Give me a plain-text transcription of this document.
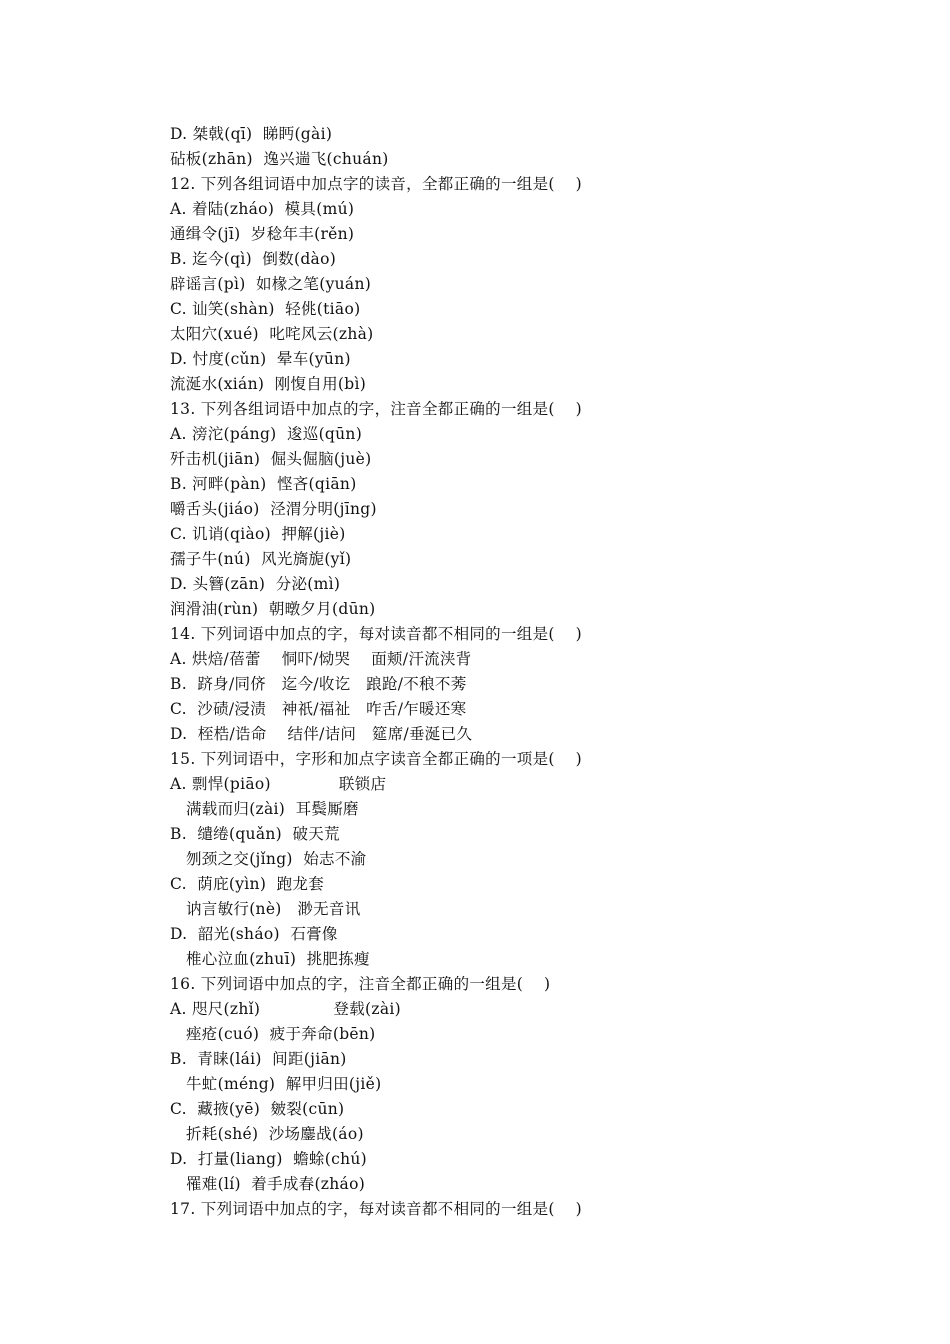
D. 桀戟(qī)  睇眄(gài)
砧板(zhān)  逸兴遄飞(chuán)
12. 下列各组词语中加点字的读音，全都正确的一组是(    )
A. 着陆(zháo)  模具(mú)
通缉令(jī)  岁稔年丰(rěn)
B. 迄今(qì)  倒数(dào)
辟谣言(pì)  如椽之笔(yuán)
C. 讪笑(shàn)  轻佻(tiāo)
太阳穴(xué)  叱咤风云(zhà)
D. 忖度(cǔn)  晕车(yūn)
流涎水(xián)  刚愎自用(bì)
13. 下列各组词语中加点的字，注音全都正确的一组是(    )
A. 滂沱(páng)  逡巡(qūn)
歼击机(jiān)  倔头倔脑(juè)
B. 河畔(pàn)  悭吝(qiān)
嚼舌头(jiáo)  泾渭分明(jīng)
C. 讥诮(qiào)  押解(jiè)
孺子牛(nú)  风光旖旎(yǐ)
D. 头簪(zān)  分泌(mì)
润滑油(rùn)  朝暾夕月(dūn)
14. 下列词语中加点的字，每对读音都不相同的一组是(    )
A. 烘焙/蓓蕾    恫吓/恸哭    面颊/汗流浃背
B.  跻身/同侪   迄今/收讫   踉跄/不稂不莠
C.  沙碛/浸渍   神祇/福祉   咋舌/乍暖还寒
D.  桎梏/诰命    结伴/诘问   筵席/垂涎已久
15. 下列词语中，字形和加点字读音全都正确的一项是(    )
A. 剽悍(piāo)             联锁店
满载而归(zài)  耳鬓厮磨
B.  缱绻(quǎn)  破天荒
刎颈之交(jǐng)  始志不渝
C.  荫庇(yìn)  跑龙套
讷言敏行(nè)   渺无音讯
D.  韶光(sháo)  石膏像
椎心泣血(zhuī)  挑肥拣瘦
16. 下列词语中加点的字，注音全都正确的一组是(    )
A. 咫尺(zhǐ)              登载(zài)
痤疮(cuó)  疲于奔命(bēn)
B.  青睐(lái)  间距(jiān)
牛虻(méng)  解甲归田(jiě)
C.  藏掖(yē)  皴裂(cūn)
折耗(shé)  沙场鏖战(áo)
D.  打量(liang)  蟾蜍(chú)
罹难(lí)  着手成春(zháo)
17. 下列词语中加点的字，每对读音都不相同的一组是(    )
